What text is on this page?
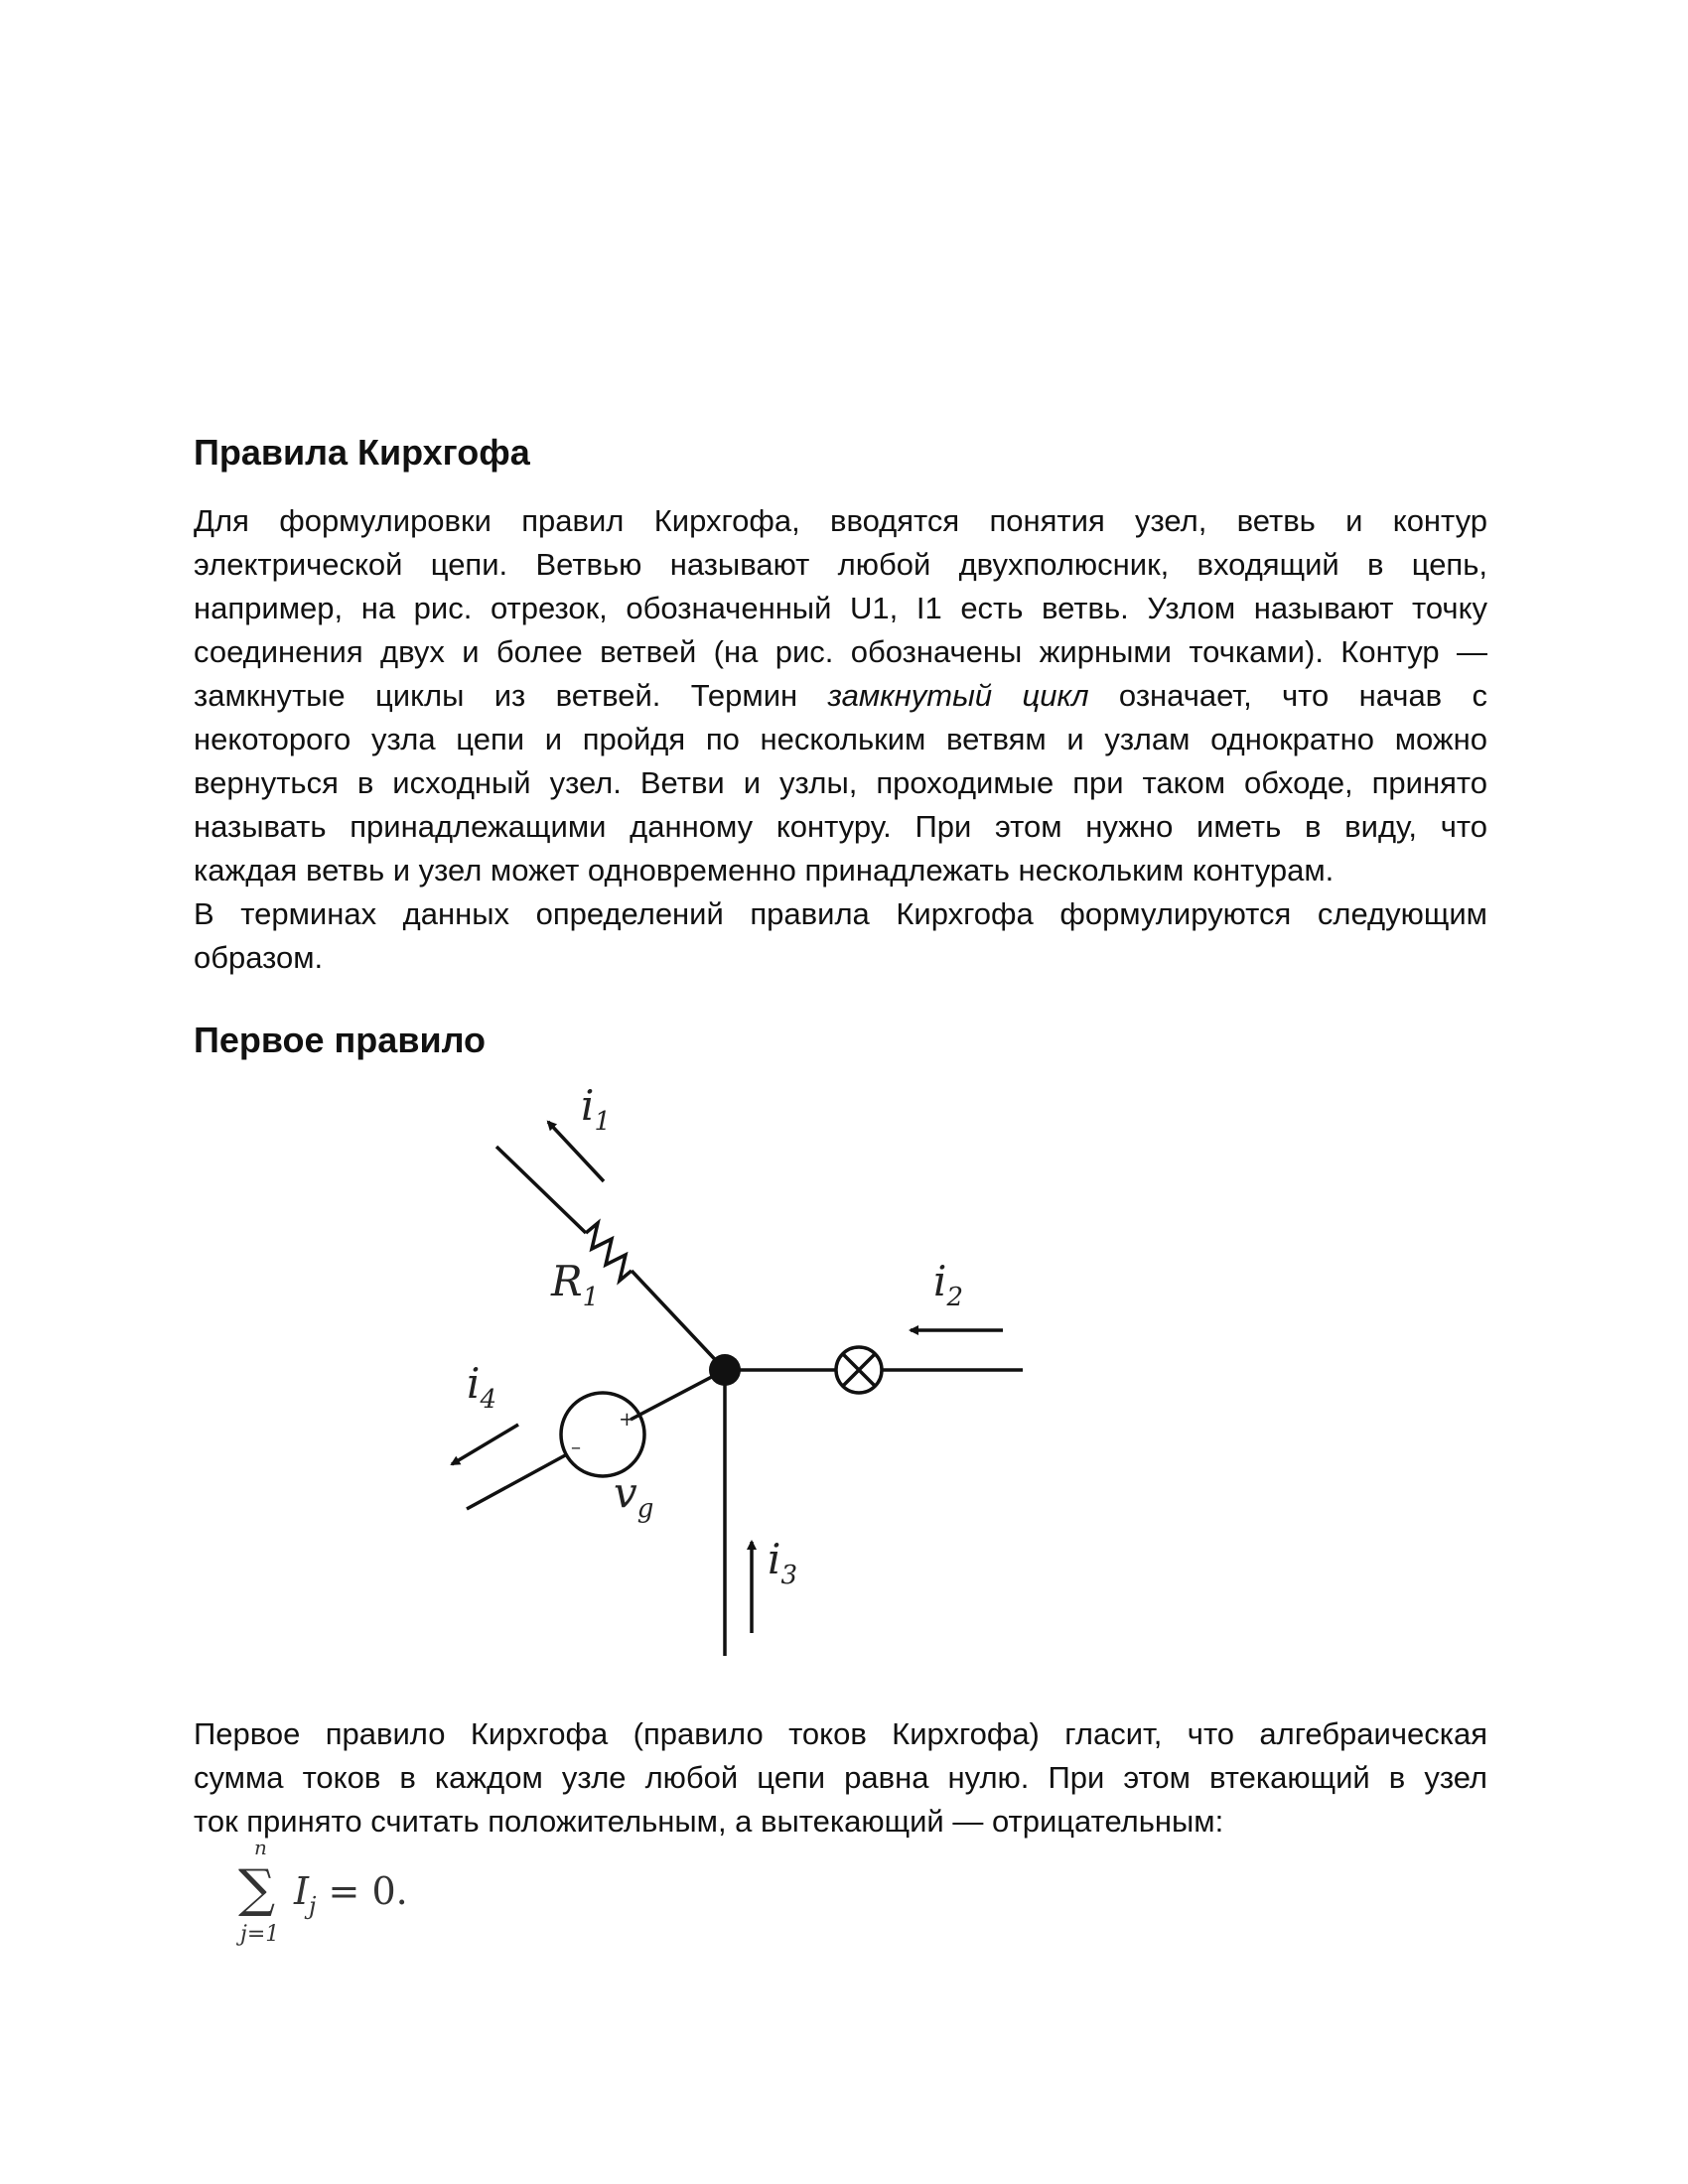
Правила Кирхгофа
Для формулировки правил Кирхгофа, вводятся понятия узел, ветвь и контур
электрической цепи. Ветвью называют любой двухполюсник, входящий в цепь,
например, на рис. отрезок, обозначенный U1, I1 есть ветвь. Узлом называют точку
соединения двух и более ветвей (на рис. обозначены жирными точками). Контур —
замкнутые циклы из ветвей. Термин замкнутый цикл означает, что начав с
некоторого узла цепи и пройдя по нескольким ветвям и узлам однократно можно
вернуться в исходный узел. Ветви и узлы, проходимые при таком обходе, принято
называть принадлежащими данному контуру. При этом нужно иметь в виду, что
каждая ветвь и узел может одновременно принадлежать нескольким контурам.
В терминах данных определений правила Кирхгофа формулируются следующим
образом.
Первое правило
$i_1$
$i_2$
$i_3$
$i_4$
$R_1$
$v_g$
+
–
Первое правило Кирхгофа (правило токов Кирхгофа) гласит, что алгебраическая
сумма токов в каждом узле любой цепи равна нулю. При этом втекающий в узел
ток принято считать положительным, а вытекающий — отрицательным:
n
∑
j=1
$I_j = 0$.
